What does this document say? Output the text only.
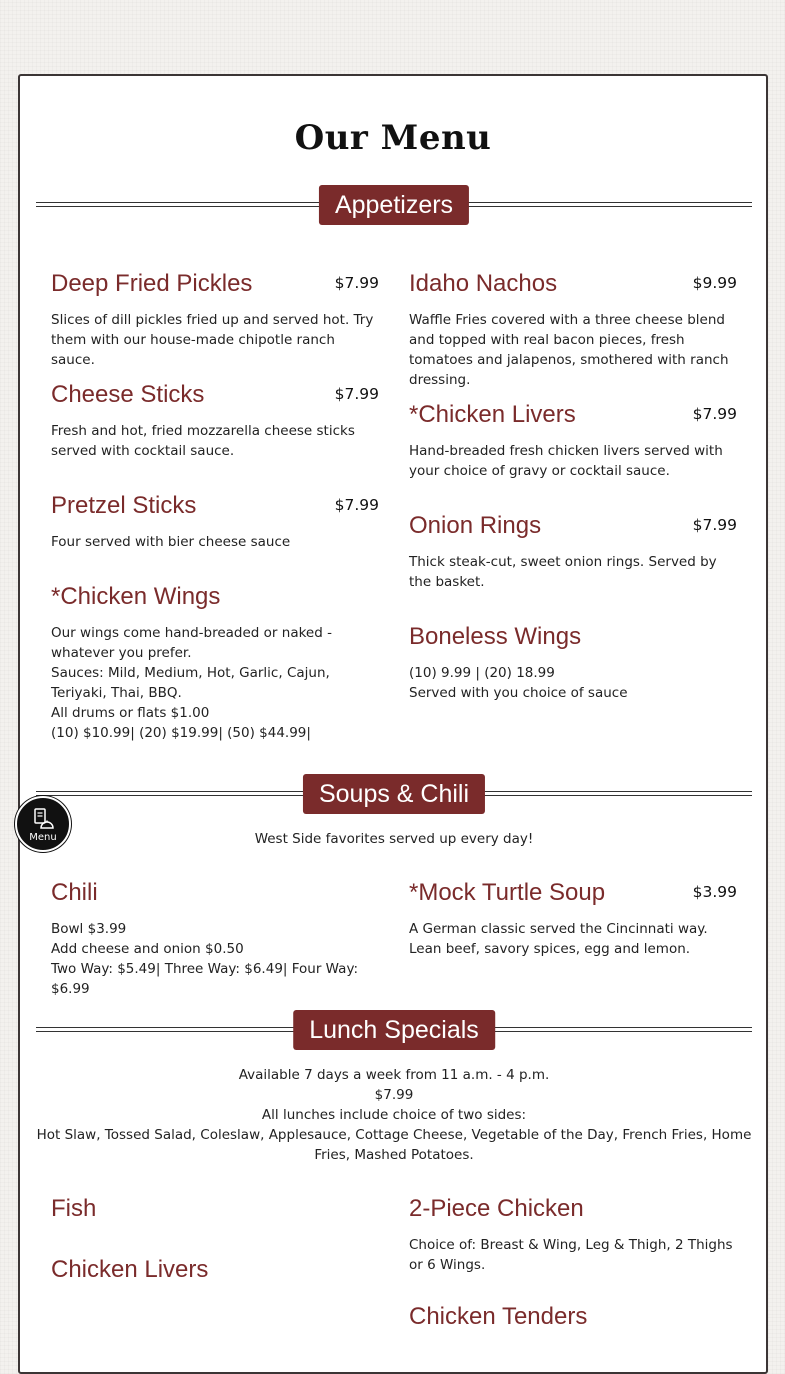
Our Menu
Appetizers
Deep Fried Pickles	$7.99
Slices of dill pickles fried up and served hot. Try them with our house-made chipotle ranch sauce.
Idaho Nachos	$9.99
Waffle Fries covered with a three cheese blend and topped with real bacon pieces, fresh tomatoes and jalapenos, smothered with ranch dressing.
Cheese Sticks	$7.99
Fresh and hot, fried mozzarella cheese sticks served with cocktail sauce.
*Chicken Livers	$7.99
Hand-breaded fresh chicken livers served with your choice of gravy or cocktail sauce.
Pretzel Sticks	$7.99
Four served with bier cheese sauce
Onion Rings	$7.99
Thick steak-cut, sweet onion rings. Served by the basket.
*Chicken Wings
Our wings come hand-breaded or naked - whatever you prefer.
Sauces: Mild, Medium, Hot, Garlic, Cajun, Teriyaki, Thai, BBQ.
All drums or flats $1.00
(10) $10.99| (20) $19.99| (50) $44.99|
Boneless Wings
(10) 9.99 | (20) 18.99
Served with you choice of sauce
Soups & Chili
West Side favorites served up every day!
Chili
Bowl $3.99
Add cheese and onion $0.50
Two Way: $5.49| Three Way: $6.49| Four Way: $6.99
*Mock Turtle Soup	$3.99
A German classic served the Cincinnati way. Lean beef, savory spices, egg and lemon.
Lunch Specials
Available 7 days a week from 11 a.m. - 4 p.m.
$7.99
All lunches include choice of two sides:
Hot Slaw, Tossed Salad, Coleslaw, Applesauce, Cottage Cheese, Vegetable of the Day, French Fries, Home Fries, Mashed Potatoes.
Fish	2-Piece Chicken
Choice of: Breast & Wing, Leg & Thigh, 2 Thighs or 6 Wings.
Chicken Livers
Chicken Tenders
Menu
